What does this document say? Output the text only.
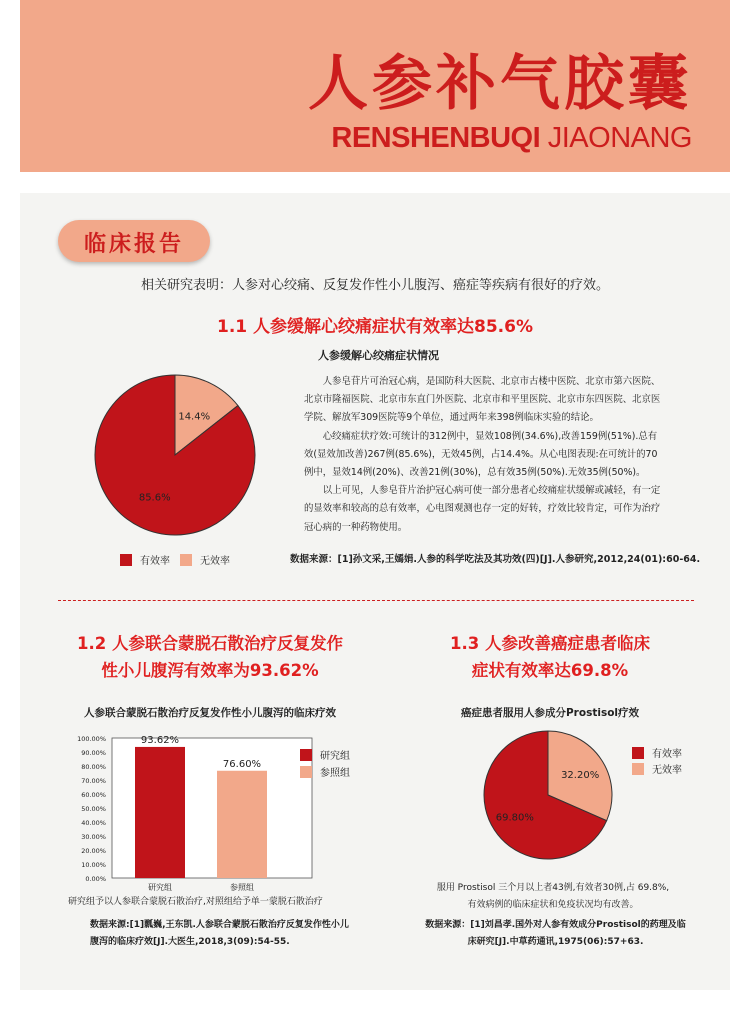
人参补气胶囊
RENSHENBUQI JIAONANG
临床报告
相关研究表明：人参对心绞痛、反复发作性小儿腹泻、癌症等疾病有很好的疗效。
1.1 人参缓解心绞痛症状有效率达85.6%
人参缓解心绞痛症状情况
14.4%
85.6%

人参皂苷片可治冠心病，是国防科大医院、北京市古楼中医院、北京市第六医院、北京市隆福医院、北京市东直门外医院、北京市和平里医院、北京市东四医院、北京医学院、解放军309医院等9个单位，通过两年来398例临床实验的结论。

心绞痛症状疗效:可统计的312例中，显效108例(34.6%),改善159例(51%).总有效(显效加改善)267例(85.6%)，无效45例，占14.4%。从心电图表现:在可统计的70例中，显效14例(20%)、改善21例(30%)，总有效35例(50%).无效35例(50%)。

以上可见，人参皂苷片治护冠心病可使一部分患者心绞痛症状缓解或减轻，有一定的显效率和较高的总有效率，心电图观测也存一定的好转，疗效比较肯定，可作为治疗冠心病的一种药物使用。

有效率	无效率	数据来源：[1]孙文采,王嫣娟.人参的科学吃法及其功效(四)[J].人参研究,2012,24(01):60-64.
1.2 人参联合蒙脱石散治疗反复发作
性小儿腹泻有效率为93.62%
人参联合蒙脱石散治疗反复发作性小儿腹泻的临床疗效
0.00%
10.00%
20.00%
30.00%
40.00%
50.00%
60.00%
70.00%
80.00%
90.00%
100.00%	93.62%
研究组
76.60%
参照组
研究组
参照组
研究组予以人参联合蒙脱石散治疗,对照组给予单一蒙脱石散治疗
数据来源:[1]瓢巍,王东凯.人参联合蒙脱石散治疗反复发作性小儿
腹泻的临床疗效[J].大医生,2018,3(09):54-55.
1.3 人参改善癌症患者临床
症状有效率达69.8%
癌症患者服用人参成分Prostisol疗效
32.20%
69.80%
有效率
无效率
服用 Prostisol 三个月以上者43例,有效者30例,占 69.8%,
有效病例的临床症状和免疫状况均有改善。
数据来源：[1]刘昌孝.国外对人参有效成分Prostisol的药理及临
床研究[J].中草药通讯,1975(06):57+63.
